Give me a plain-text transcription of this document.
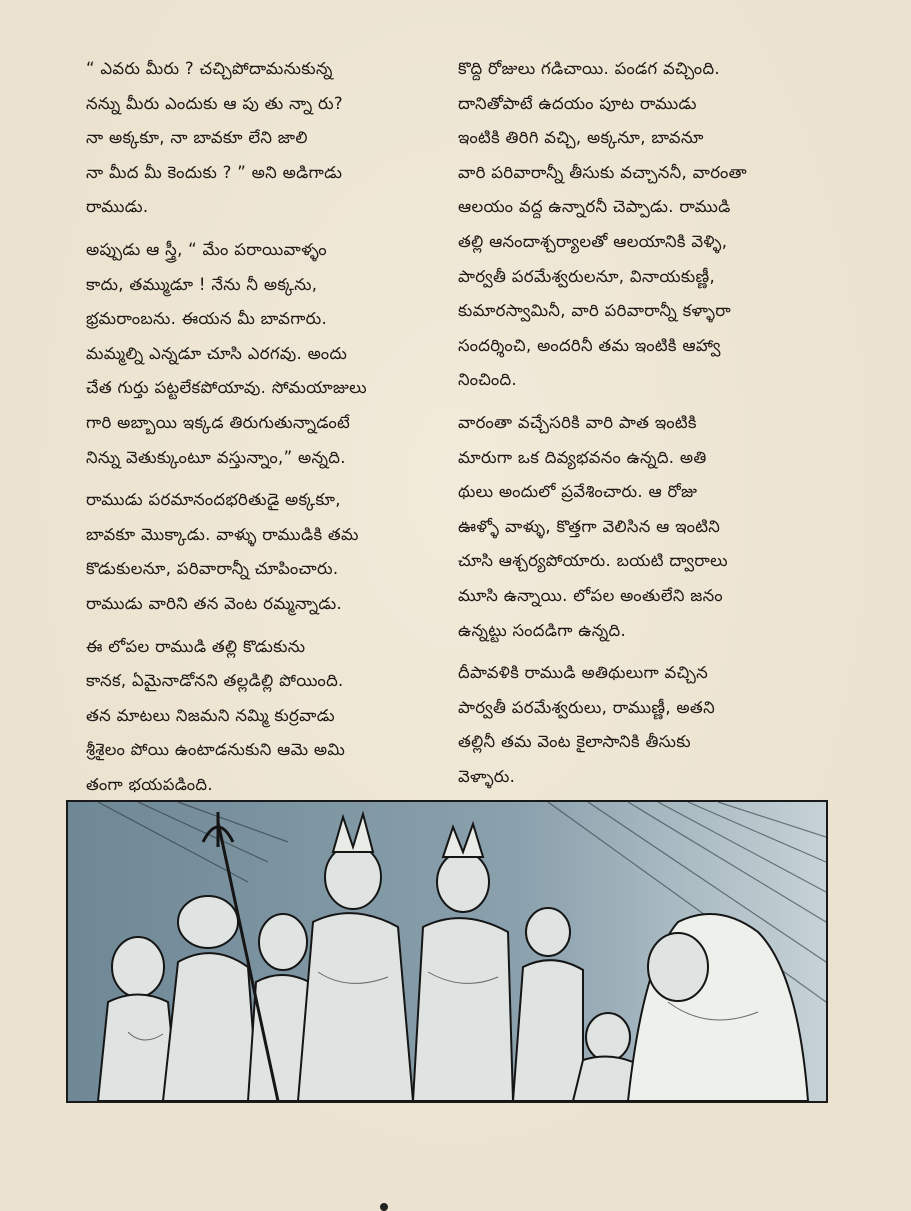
“ ఎవరు మీరు ? చచ్చిపోదామనుకున్న
నన్ను మీరు ఎందుకు ఆ పు తు న్నా రు?
నా అక్కకూ, నా బావకూ లేని జాలి
నా మీద మీ కెందుకు ? ” అని అడిగాడు
రాముడు.

అప్పుడు ఆ స్త్రీ, “ మేం పరాయివాళ్ళం
కాదు, తమ్ముడూ ! నేను నీ అక్కను,
భ్రమరాంబను. ఈయన మీ బావగారు.
మమ్మల్ని ఎన్నడూ చూసి ఎరగవు. అందు
చేత గుర్తు పట్టలేకపోయావు. సోమయాజులు
గారి అబ్బాయి ఇక్కడ తిరుగుతున్నాడంటే
నిన్ను వెతుక్కుంటూ వస్తున్నాం,” అన్నది.

రాముడు పరమానందభరితుడై అక్కకూ,
బావకూ మొక్కాడు. వాళ్ళు రాముడికి తమ
కొడుకులనూ, పరివారాన్నీ చూపించారు.
రాముడు వారిని తన వెంట రమ్మన్నాడు.

ఈ లోపల రాముడి తల్లి కొడుకును
కానక, ఏమైనాడోనని తల్లడిల్లి పోయింది.
తన మాటలు నిజమని నమ్మి కుర్రవాడు
శ్రీశైలం పోయి ఉంటాడనుకుని ఆమె అమి
తంగా భయపడింది.

కొద్ది రోజులు గడిచాయి. పండగ వచ్చింది.
దానితోపాటే ఉదయం పూట రాముడు
ఇంటికి తిరిగి వచ్చి, అక్కనూ, బావనూ
వారి పరివారాన్నీ తీసుకు వచ్చాననీ, వారంతా
ఆలయం వద్ద ఉన్నారనీ చెప్పాడు. రాముడి
తల్లి ఆనందాశ్చర్యాలతో ఆలయానికి వెళ్ళి,
పార్వతీ పరమేశ్వరులనూ, వినాయకుణ్ణీ,
కుమారస్వామినీ, వారి పరివారాన్నీ కళ్ళారా
సందర్శించి, అందరినీ తమ ఇంటికి ఆహ్వా
నించింది.

వారంతా వచ్చేసరికి వారి పాత ఇంటికి
మారుగా ఒక దివ్యభవనం ఉన్నది. అతి
థులు అందులో ప్రవేశించారు. ఆ రోజు
ఊళ్ళో వాళ్ళు, కొత్తగా వెలిసిన ఆ ఇంటిని
చూసి ఆశ్చర్యపోయారు. బయటి ద్వారాలు
మూసి ఉన్నాయి. లోపల అంతులేని జనం
ఉన్నట్టు సందడిగా ఉన్నది.

దీపావళికి రాముడి అతిథులుగా వచ్చిన
పార్వతీ పరమేశ్వరులు, రాముణ్ణీ, అతని
తల్లినీ తమ వెంట కైలాసానికి తీసుకు
వెళ్ళారు.
